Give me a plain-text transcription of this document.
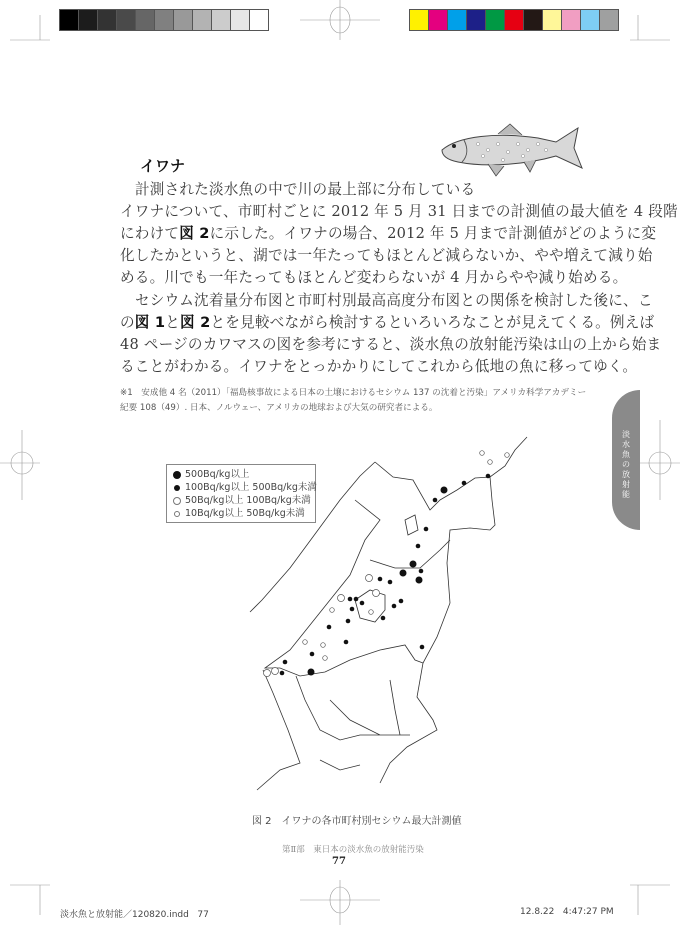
イワナ
計測された淡水魚の中で川の最上部に分布している
イワナについて、市町村ごとに 2012 年 5 月 31 日までの計測値の最大値を 4 段階
にわけて図 2に示した。イワナの場合、2012 年 5 月まで計測値がどのように変
化したかというと、湖では一年たってもほとんど減らないか、やや増えて減り始
める。川でも一年たってもほとんど変わらないが 4 月からやや減り始める。
セシウム沈着量分布図と市町村別最高高度分布図との関係を検討した後に、こ
の図 1と図 2とを見較べながら検討するといろいろなことが見えてくる。例えば
48 ページのカワマスの図を参考にすると、淡水魚の放射能汚染は山の上から始ま
ることがわかる。イワナをとっかかりにしてこれから低地の魚に移ってゆく。
※1　安成他 4 名（2011）「福島核事故による日本の土壌におけるセシウム 137 の沈着と汚染」アメリカ科学アカデミー
紀要 108（49）. 日本、ノルウェー、アメリカの地球および大気の研究者による。
淡水魚の放射能
500Bq/kg以上
100Bq/kg以上 500Bq/kg未満
50Bq/kg以上 100Bq/kg未満
10Bq/kg以上 50Bq/kg未満
図 2　イワナの各市町村別セシウム最大計測値
第Ⅱ部　東日本の淡水魚の放射能汚染
77
淡水魚と放射能／120820.indd   77	12.8.22   4:47:27 PM
